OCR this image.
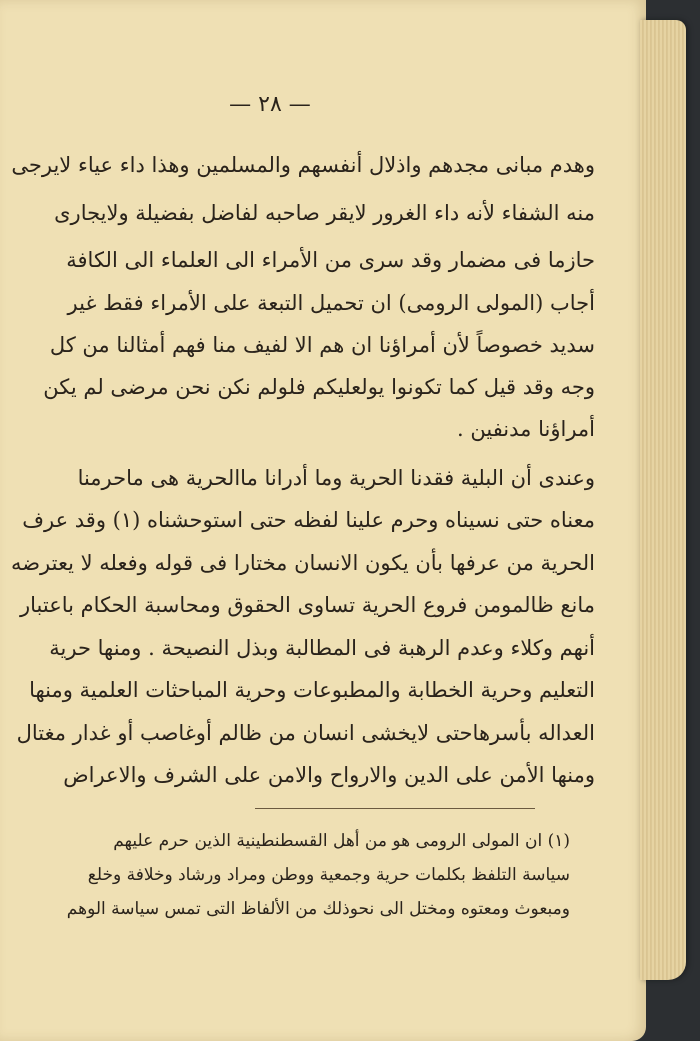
— ٢٨ —
وهدم مبانى مجدهم واذلال أنفسهم والمسلمين وهذا داء عياء لايرجى
منه الشفاء لأنه داء الغرور لايقر صاحبه لفاضل بفضيلة ولايجارى
حازما فى مضمار وقد سرى من الأمراء الى العلماء الى الكافة
أجاب (المولى الرومى) ان تحميل التبعة على الأمراء فقط غير
سديد خصوصاً لأن أمراؤنا ان هم الا لفيف منا فهم أمثالنا من كل
وجه وقد قيل كما تكونوا يولعليكم فلولم نكن نحن مرضى لم يكن
أمراؤنا مدنفين .
وعندى أن البلية فقدنا الحرية وما أدرانا ماالحرية هى ماحرمنا
معناه حتى نسيناه وحرم علينا لفظه حتى استوحشناه (١) وقد عرف
الحرية من عرفها بأن يكون الانسان مختارا فى قوله وفعله لا يعترضه
مانع ظالمومن فروع الحرية تساوى الحقوق ومحاسبة الحكام باعتبار
أنهم وكلاء وعدم الرهبة فى المطالبة وبذل النصيحة . ومنها حرية
التعليم وحرية الخطابة والمطبوعات وحرية المباحثات العلمية ومنها
العداله بأسرهاحتى لايخشى انسان من ظالم أوغاصب أو غدار مغتال
ومنها الأمن على الدين والارواح والامن على الشرف والاعراض
(١) ان المولى الرومى هو من أهل القسطنطينية الذين حرم عليهم
سياسة التلفظ بكلمات حرية وجمعية ووطن ومراد ورشاد وخلافة وخلع
ومبعوث ومعتوه ومختل الى نحوذلك من الألفاظ التى تمس سياسة الوهم
